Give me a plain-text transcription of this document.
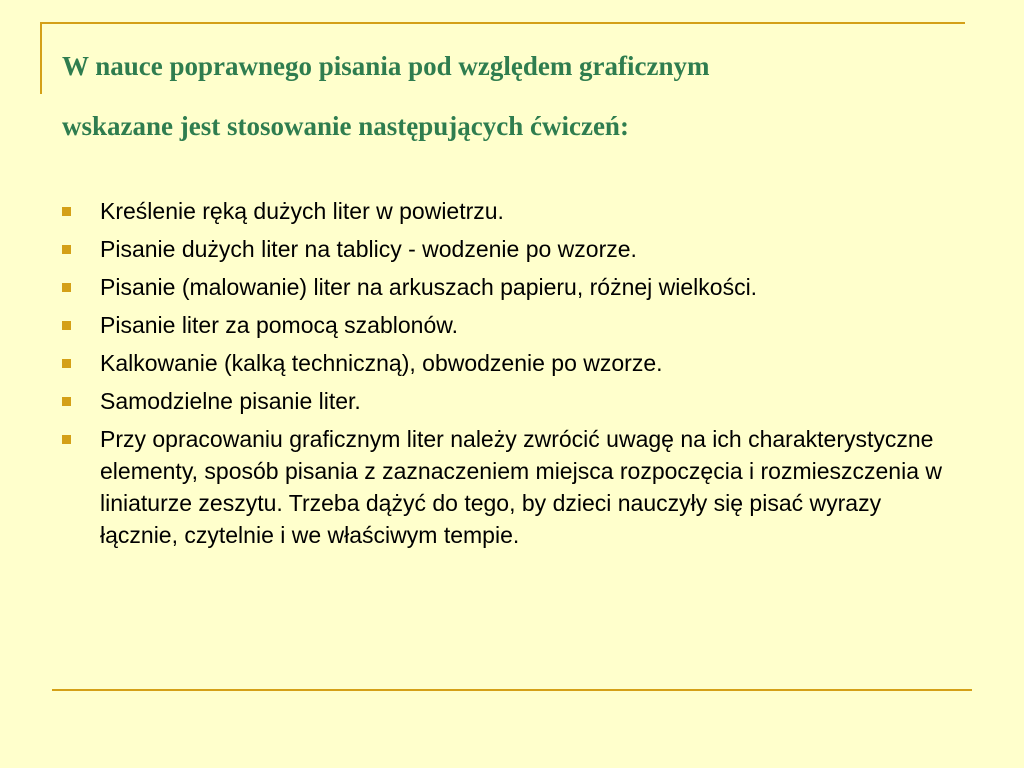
W nauce poprawnego pisania pod względem graficznym
wskazane jest stosowanie następujących ćwiczeń:
Kreślenie ręką dużych liter w powietrzu.
Pisanie dużych liter na tablicy - wodzenie po wzorze.
Pisanie (malowanie) liter na arkuszach papieru, różnej wielkości.
Pisanie liter za pomocą szablonów.
Kalkowanie (kalką techniczną), obwodzenie po wzorze.
Samodzielne pisanie liter.
Przy opracowaniu graficznym liter należy zwrócić uwagę na ich charakterystyczne elementy, sposób pisania z zaznaczeniem miejsca rozpoczęcia i rozmieszczenia w liniaturze zeszytu. Trzeba dążyć do tego, by dzieci nauczyły się pisać wyrazy łącznie, czytelnie i we właściwym tempie.
